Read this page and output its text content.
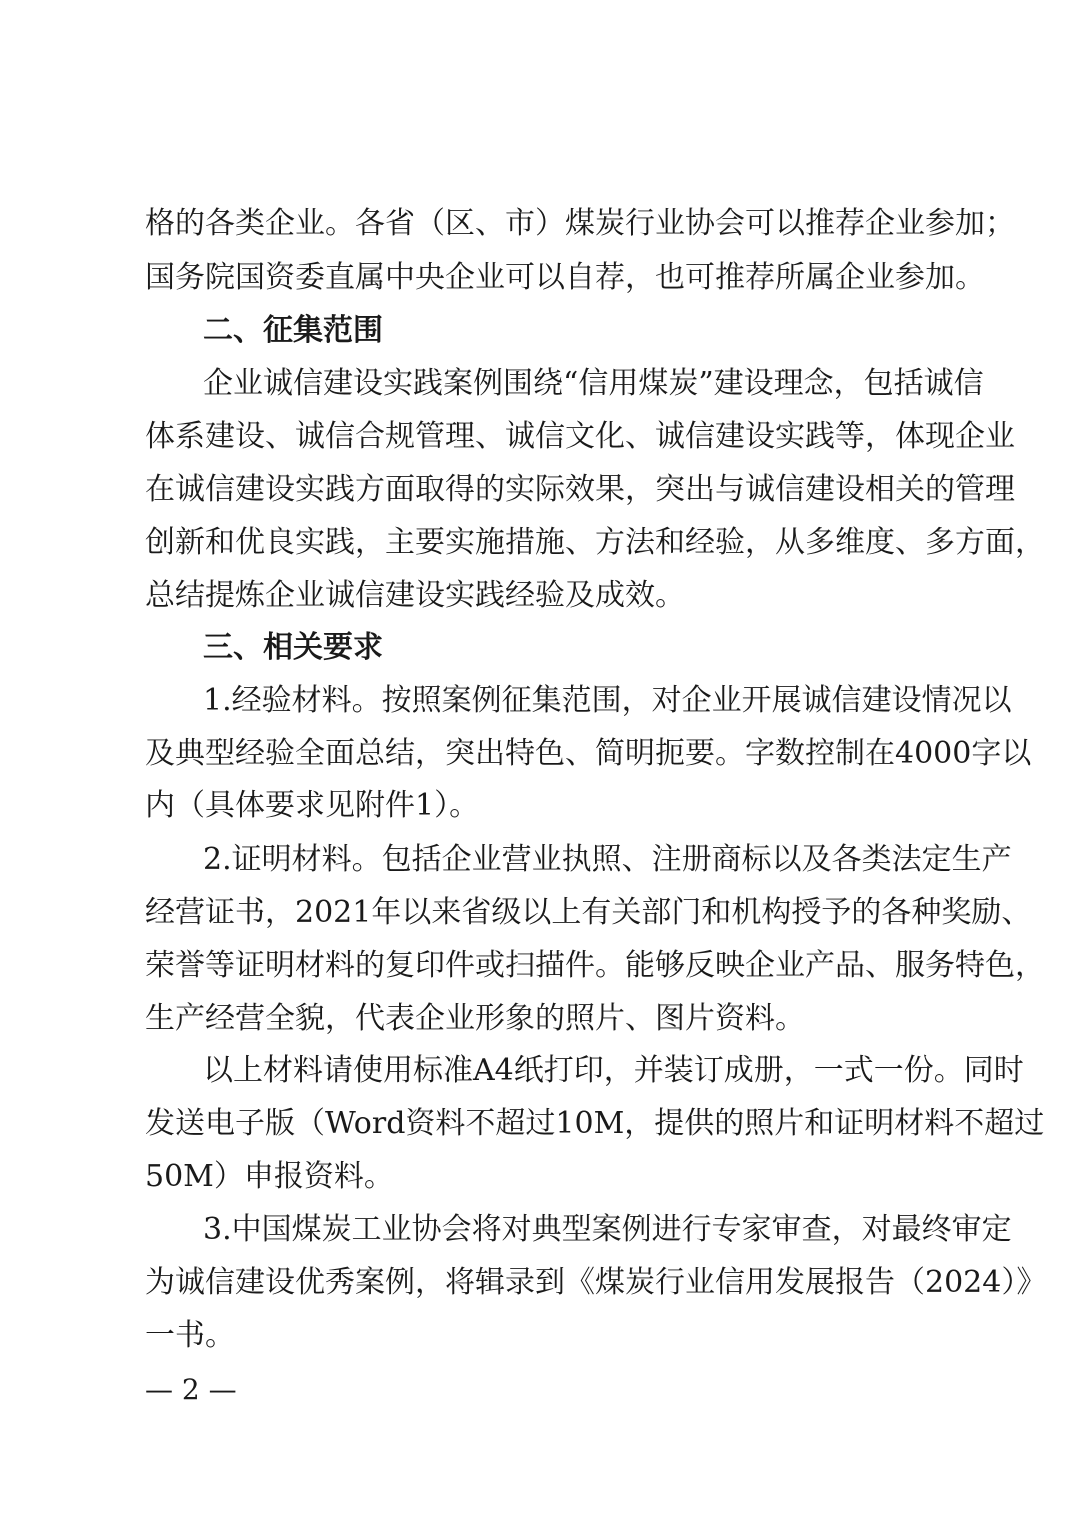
格的各类企业。各省（区、市）煤炭行业协会可以推荐企业参加；
国务院国资委直属中央企业可以自荐，也可推荐所属企业参加。
二、征集范围
企业诚信建设实践案例围绕“信用煤炭”建设理念，包括诚信
体系建设、诚信合规管理、诚信文化、诚信建设实践等，体现企业
在诚信建设实践方面取得的实际效果，突出与诚信建设相关的管理
创新和优良实践，主要实施措施、方法和经验，从多维度、多方面，
总结提炼企业诚信建设实践经验及成效。
三、相关要求
1.经验材料。按照案例征集范围，对企业开展诚信建设情况以
及典型经验全面总结，突出特色、简明扼要。字数控制在4000字以
内（具体要求见附件1）。
2.证明材料。包括企业营业执照、注册商标以及各类法定生产
经营证书，2021年以来省级以上有关部门和机构授予的各种奖励、
荣誉等证明材料的复印件或扫描件。能够反映企业产品、服务特色，
生产经营全貌，代表企业形象的照片、图片资料。
以上材料请使用标准A4纸打印，并装订成册，一式一份。同时
发送电子版（Word资料不超过10M，提供的照片和证明材料不超过
50M）申报资料。
3.中国煤炭工业协会将对典型案例进行专家审查，对最终审定
为诚信建设优秀案例，将辑录到《煤炭行业信用发展报告（2024）》
一书。
— 2 —
